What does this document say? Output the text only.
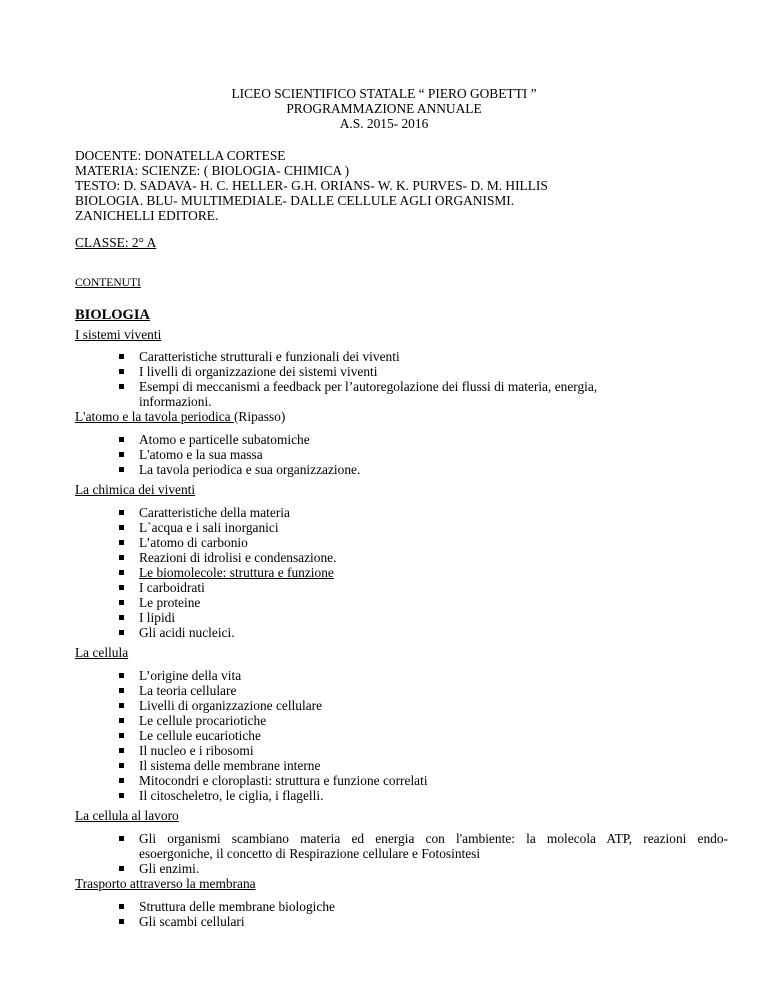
LICEO SCIENTIFICO STATALE “ PIERO GOBETTI ”
PROGRAMMAZIONE ANNUALE
A.S. 2015- 2016
DOCENTE: DONATELLA CORTESE
MATERIA: SCIENZE: ( BIOLOGIA- CHIMICA )
TESTO: D. SADAVA- H. C. HELLER- G.H. ORIANS- W. K. PURVES- D. M. HILLIS
BIOLOGIA. BLU- MULTIMEDIALE- DALLE CELLULE AGLI ORGANISMI.
ZANICHELLI EDITORE.
CLASSE: 2° A
CONTENUTI
BIOLOGIA
I sistemi viventi
Caratteristiche strutturali e funzionali dei viventi
I livelli di organizzazione dei sistemi viventi
Esempi di meccanismi a feedback per l’autoregolazione dei flussi di materia, energia, informazioni.
L'atomo e la tavola periodica (Ripasso)
Atomo e particelle subatomiche
L'atomo e la sua massa
La tavola periodica e sua organizzazione.
La chimica dei viventi
Caratteristiche della materia
L`acqua e i sali inorganici
L’atomo di carbonio
Reazioni di idrolisi e condensazione.
Le biomolecole: struttura e funzione
I carboidrati
Le proteine
I lipidi
Gli acidi nucleici.
La cellula
L’origine della vita
La teoria cellulare
Livelli di organizzazione cellulare
Le cellule procariotiche
Le cellule eucariotiche
Il nucleo e i ribosomi
Il sistema delle membrane interne
Mitocondri e cloroplasti: struttura e funzione correlati
Il citoscheletro, le ciglia, i flagelli.
La cellula al lavoro
Gli organismi scambiano materia ed energia con l'ambiente: la molecola ATP, reazioni endo-
esoergoniche, il concetto di Respirazione cellulare e Fotosintesi
Gli enzimi.
Trasporto attraverso la membrana
Struttura delle membrane biologiche
Gli scambi cellulari
